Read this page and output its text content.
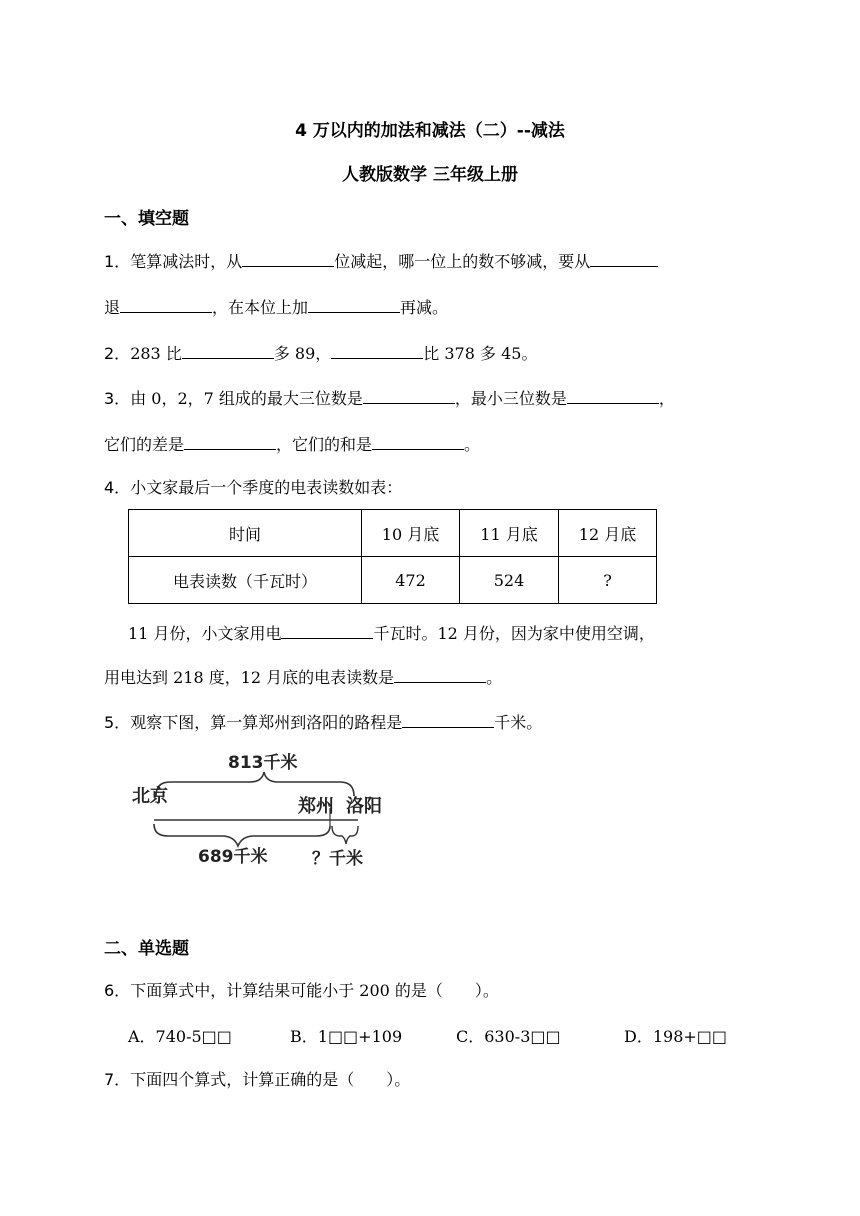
4 万以内的加法和减法（二）--减法
人教版数学 三年级上册
一、填空题
1．笔算减法时，从	位减起，哪一位上的数不够减，要从
退	，在本位上加	再减。
2．283 比	多 89，	比 378 多 45。
3．由 0，2，7 组成的最大三位数是	，最小三位数是	，
它们的差是	，它们的和是	。
4．小文家最后一个季度的电表读数如表：
时间	10 月底	11 月底	12 月底
电表读数（千瓦时）	472	524	?
11 月份，小文家用电	千瓦时。12 月份，因为家中使用空调，
用电达到 218 度，12 月底的电表读数是	。
5．观察下图，算一算郑州到洛阳的路程是	千米。
813千米
北京	郑州 洛阳
689千米	？千米
二、单选题
6．下面算式中，计算结果可能小于 200 的是（　　）。
A．740-5□□	B．1□□+109	C．630-3□□	D．198+□□
7．下面四个算式，计算正确的是（　　）。
